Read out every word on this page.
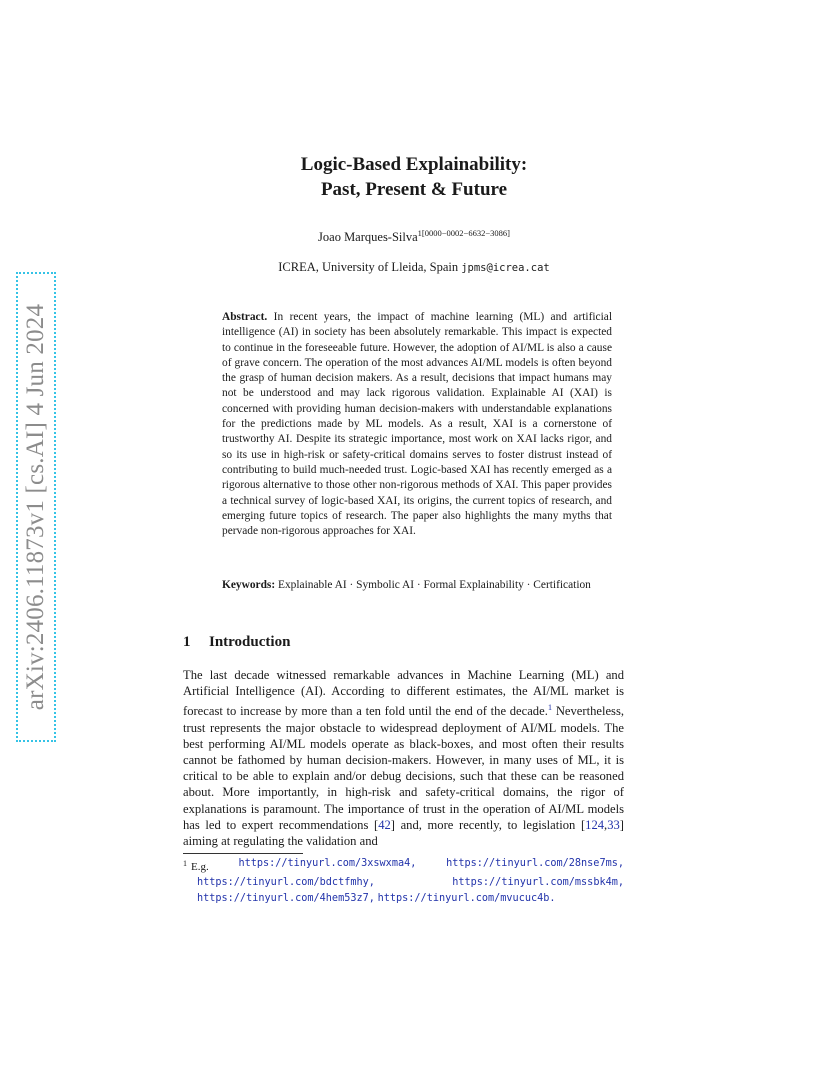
arXiv:2406.11873v1 [cs.AI] 4 Jun 2024
Logic-Based Explainability:
Past, Present & Future
Joao Marques-Silva$^{1[0000-0002-6632-3086]}$
ICREA, University of Lleida, Spain jpms@icrea.cat
Abstract. In recent years, the impact of machine learning (ML) and artificial intelligence (AI) in society has been absolutely remarkable. This impact is expected to continue in the foreseeable future. However, the adoption of AI/ML is also a cause of grave concern. The operation of the most advances AI/ML models is often beyond the grasp of human decision makers. As a result, decisions that impact humans may not be understood and may lack rigorous validation. Explainable AI (XAI) is concerned with providing human decision-makers with understandable explanations for the predictions made by ML models. As a result, XAI is a cornerstone of trustworthy AI. Despite its strategic importance, most work on XAI lacks rigor, and so its use in high-risk or safety-critical domains serves to foster distrust instead of contributing to build much-needed trust. Logic-based XAI has recently emerged as a rigorous alternative to those other non-rigorous methods of XAI. This paper provides a technical survey of logic-based XAI, its origins, the current topics of research, and emerging future topics of research. The paper also highlights the many myths that pervade non-rigorous approaches for XAI.
Keywords: Explainable AI · Symbolic AI · Formal Explainability · Certification
1 Introduction
The last decade witnessed remarkable advances in Machine Learning (ML) and Artificial Intelligence (AI). According to different estimates, the AI/ML market is forecast to increase by more than a ten fold until the end of the decade.$^1$ Nevertheless, trust represents the major obstacle to widespread deployment of AI/ML models. The best performing AI/ML models operate as black-boxes, and most often their results cannot be fathomed by human decision-makers. However, in many uses of ML, it is critical to be able to explain and/or debug decisions, such that these can be reasoned about. More importantly, in high-risk and safety-critical domains, the rigor of explanations is paramount. The importance of trust in the operation of AI/ML models has led to expert recommendations [42] and, more recently, to legislation [124,33] aiming at regulating the validation and
$^1$ E.g.	https://tinyurl.com/3xswxma4,	https://tinyurl.com/28nse7ms,
https://tinyurl.com/bdctfmhy,	https://tinyurl.com/mssbk4m,
https://tinyurl.com/4hem53z7,
https://tinyurl.com/mvucuc4b.
